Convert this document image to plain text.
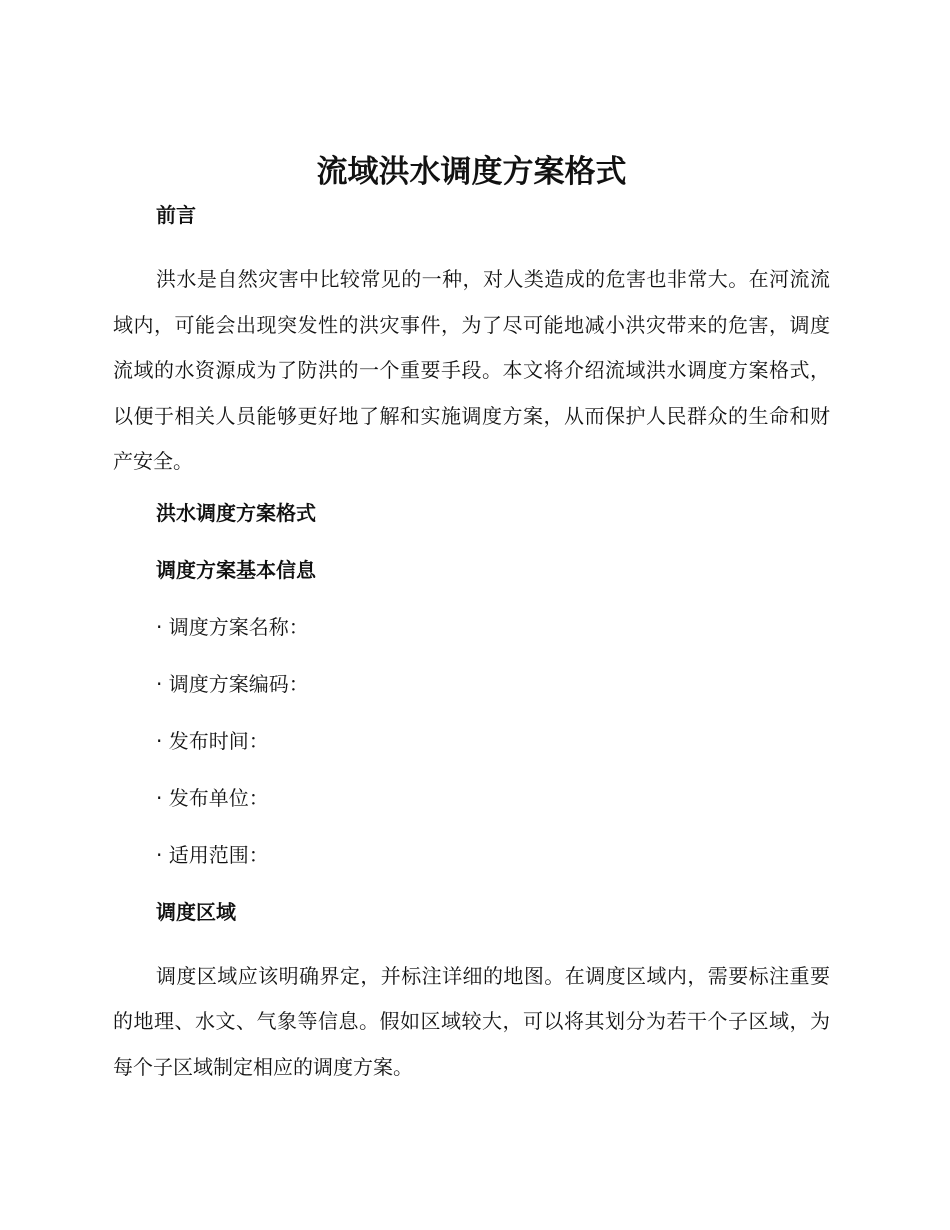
流域洪水调度方案格式
前言

洪水是自然灾害中比较常见的一种，对人类造成的危害也非常大。在河流流域内，可能会出现突发性的洪灾事件，为了尽可能地减小洪灾带来的危害，调度流域的水资源成为了防洪的一个重要手段。本文将介绍流域洪水调度方案格式，以便于相关人员能够更好地了解和实施调度方案，从而保护人民群众的生命和财产安全。

洪水调度方案格式
调度方案基本信息
· 调度方案名称：
· 调度方案编码：
· 发布时间：
· 发布单位：
· 适用范围：
调度区域

调度区域应该明确界定，并标注详细的地图。在调度区域内，需要标注重要的地理、水文、气象等信息。假如区域较大，可以将其划分为若干个子区域，为每个子区域制定相应的调度方案。
